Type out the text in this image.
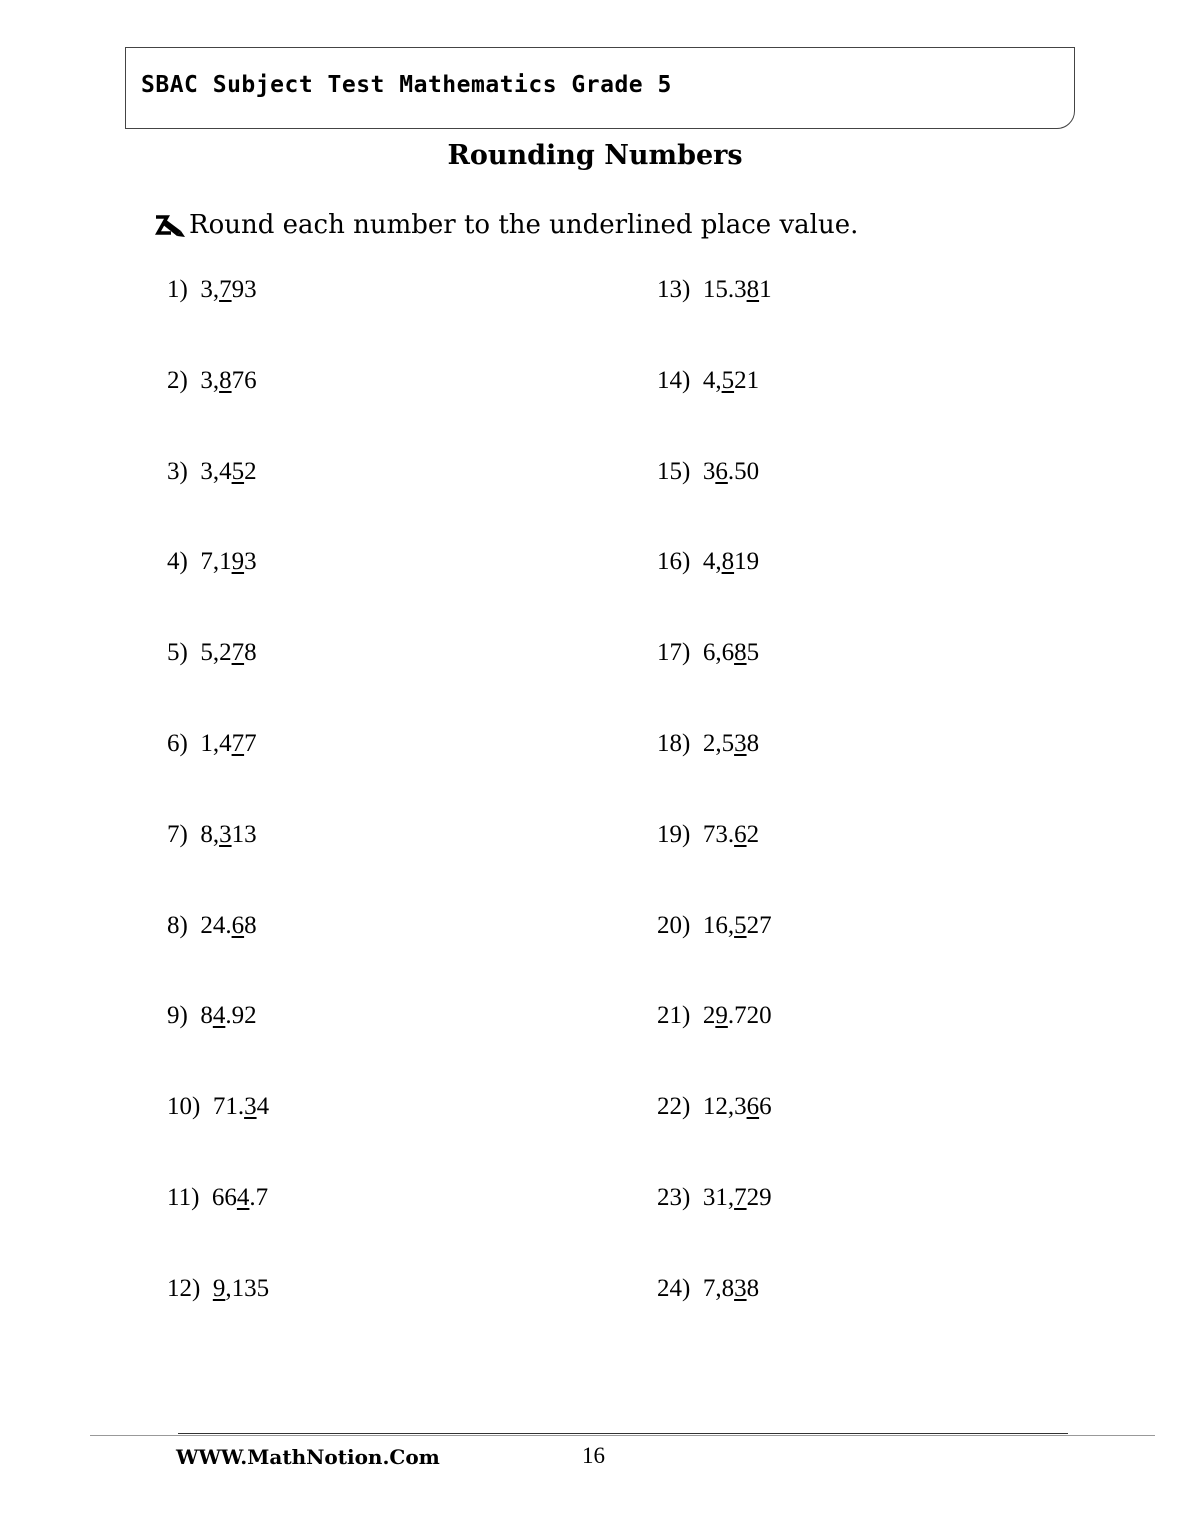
SBAC Subject Test Mathematics Grade 5
Rounding Numbers
Round each number to the underlined place value.
1) 3,793
2) 3,876
3) 3,452
4) 7,193
5) 5,278
6) 1,477
7) 8,313
8) 24.68
9) 84.92
10) 71.34
11) 664.7
12) 9,135
13) 15.381
14) 4,521
15) 36.50
16) 4,819
17) 6,685
18) 2,538
19) 73.62
20) 16,527
21) 29.720
22) 12,366
23) 31,729
24) 7,838
WWW.MathNotion.Com	16
